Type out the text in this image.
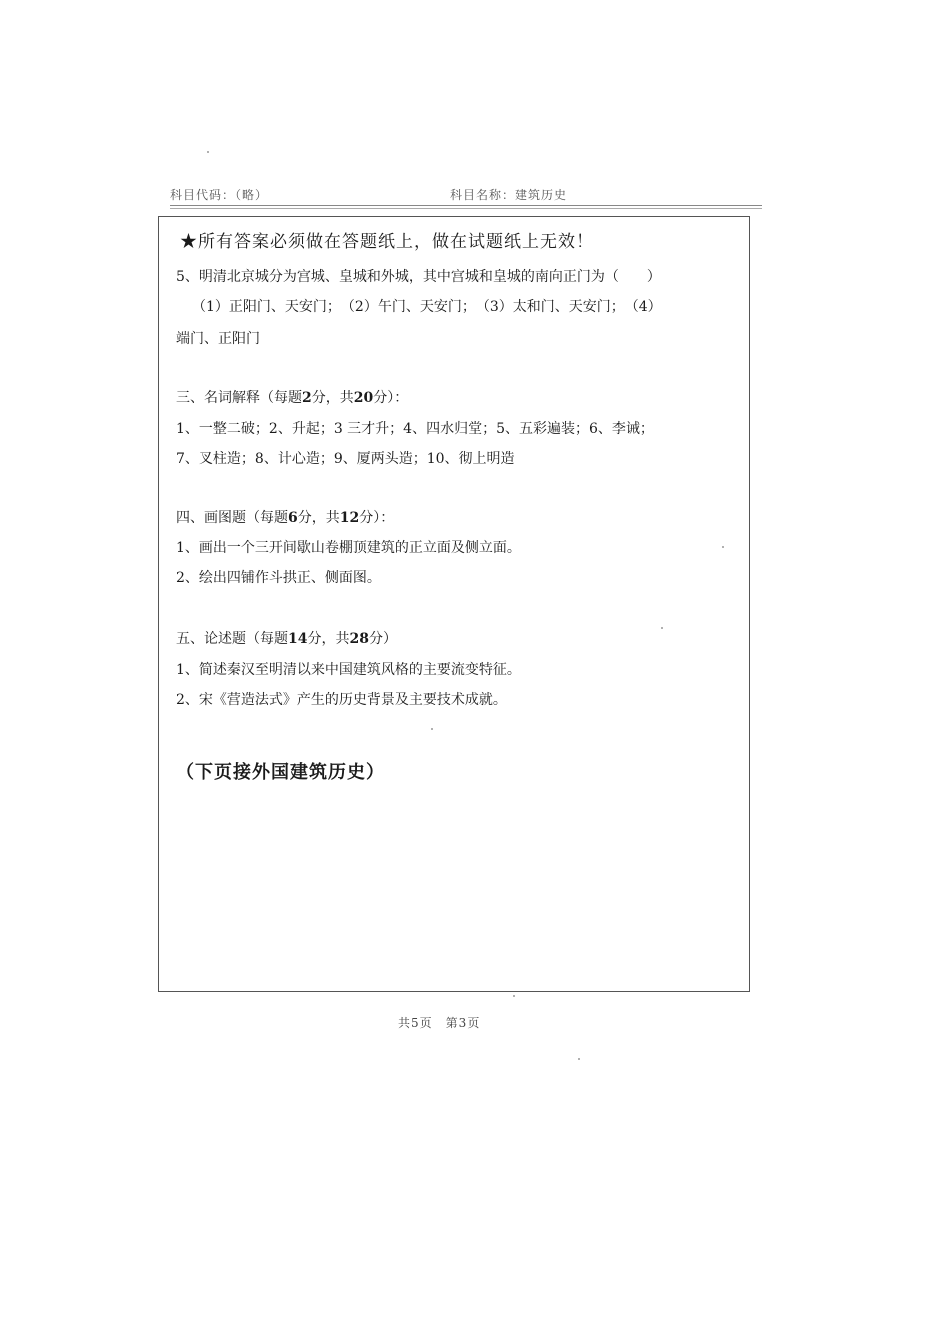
科目代码：（略）	科目名称：建筑历史
★所有答案必须做在答题纸上，做在试题纸上无效！
5、明清北京城分为宫城、皇城和外城，其中宫城和皇城的南向正门为（　　）
（1）正阳门、天安门；　（2）午门、天安门；　（3）太和门、天安门；　（4）
端门、正阳门
三、名词解释（每题2分，共20分）：
1、一整二破；2、升起；3 三才升；4、四水归堂；5、五彩遍装；6、李诫；
7、叉柱造；8、计心造；9、厦两头造；10、彻上明造
四、画图题（每题6分，共12分）：
1、画出一个三开间歇山卷棚顶建筑的正立面及侧立面。
2、绘出四铺作斗拱正、侧面图。
五、论述题（每题14分，共28分）
1、简述秦汉至明清以来中国建筑风格的主要流变特征。
2、宋《营造法式》产生的历史背景及主要技术成就。
（下页接外国建筑历史）
共5页　第3页
